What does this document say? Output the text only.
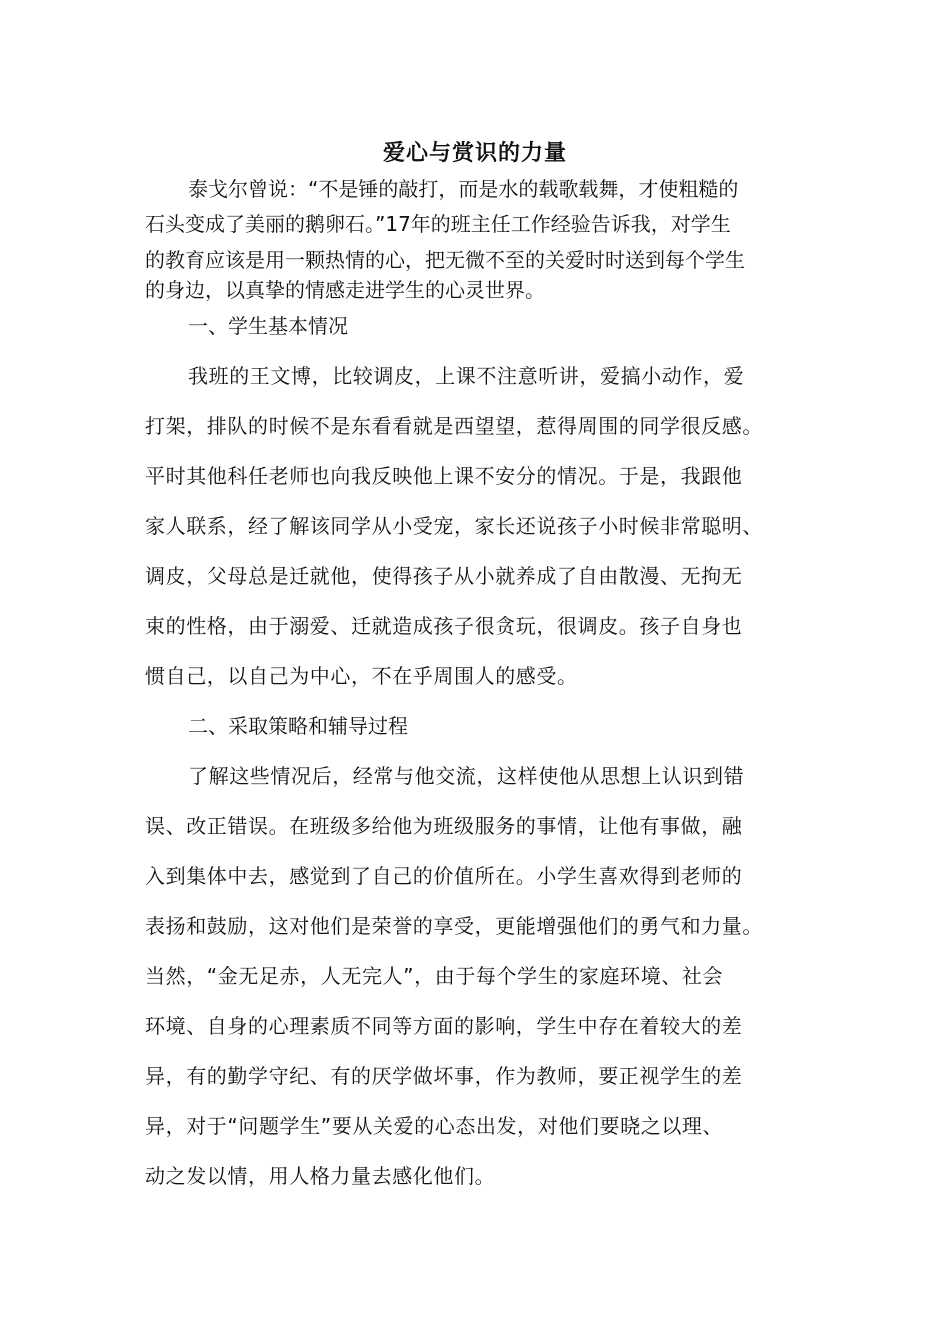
爱心与赏识的力量

泰戈尔曾说：“不是锤的敲打，而是水的载歌载舞，才使粗糙的

石头变成了美丽的鹅卵石。”17年的班主任工作经验告诉我，对学生

的教育应该是用一颗热情的心，把无微不至的关爱时时送到每个学生

的身边，以真挚的情感走进学生的心灵世界。

一、学生基本情况

我班的王文博，比较调皮，上课不注意听讲，爱搞小动作，爱

打架，排队的时候不是东看看就是西望望，惹得周围的同学很反感。

平时其他科任老师也向我反映他上课不安分的情况。于是，我跟他

家人联系，经了解该同学从小受宠，家长还说孩子小时候非常聪明、

调皮，父母总是迁就他，使得孩子从小就养成了自由散漫、无拘无

束的性格，由于溺爱、迁就造成孩子很贪玩，很调皮。孩子自身也

惯自己，以自己为中心，不在乎周围人的感受。

二、采取策略和辅导过程

了解这些情况后，经常与他交流，这样使他从思想上认识到错

误、改正错误。在班级多给他为班级服务的事情，让他有事做，融

入到集体中去，感觉到了自己的价值所在。小学生喜欢得到老师的

表扬和鼓励，这对他们是荣誉的享受，更能增强他们的勇气和力量。

当然，“金无足赤，人无完人”，由于每个学生的家庭环境、社会

环境、自身的心理素质不同等方面的影响，学生中存在着较大的差

异，有的勤学守纪、有的厌学做坏事，作为教师，要正视学生的差

异，对于“问题学生”要从关爱的心态出发，对他们要晓之以理、

动之发以情，用人格力量去感化他们。
